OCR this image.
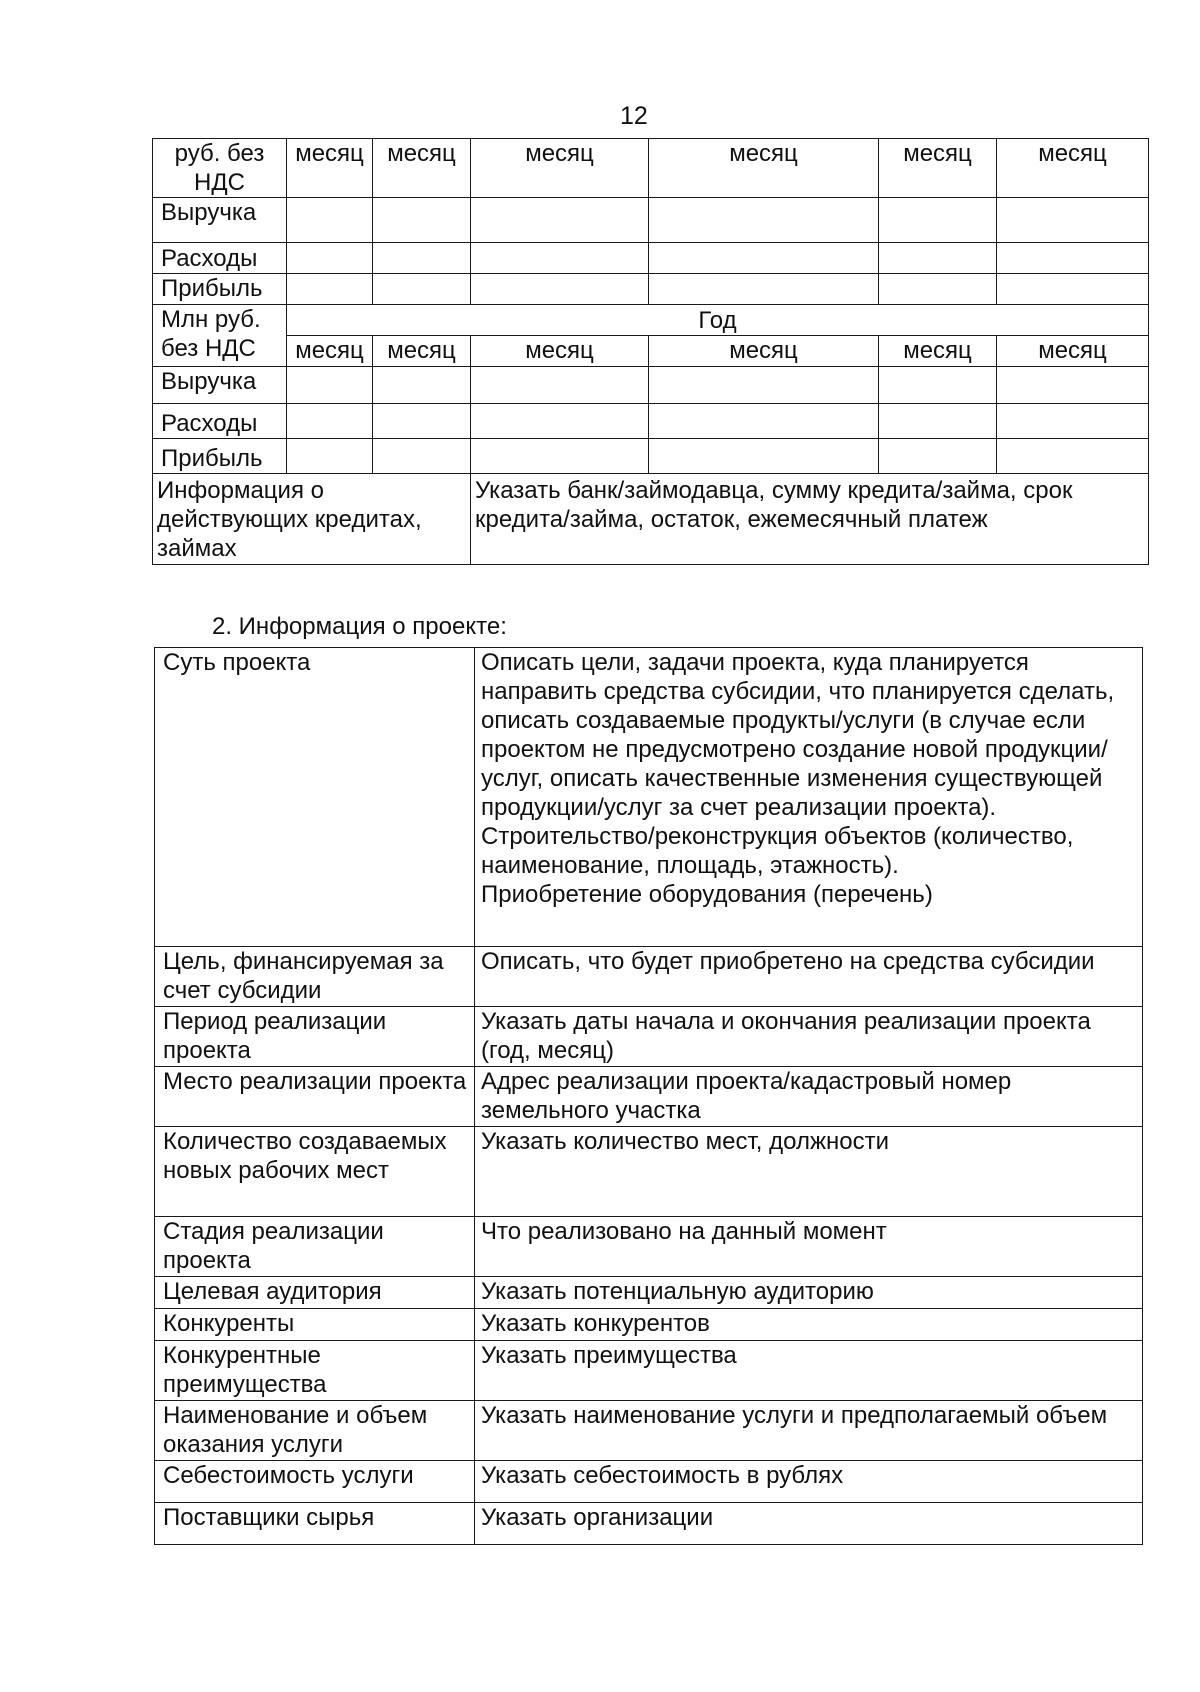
12
руб. без НДС	месяц	месяц	месяц	месяц	месяц	месяц
Выручка						
Расходы						
Прибыль						
Млн руб. без НДС	Год					
	месяц	месяц	месяц	месяц	месяц	месяц
Выручка						
Расходы						
Прибыль						
Информация о действующих кредитах, займах			Указать банк/займодавца, сумму кредита/займа, срок кредита/займа, остаток, ежемесячный платеж			
2. Информация о проекте:
Суть проекта	Описать цели, задачи проекта, куда планируется направить средства субсидии, что планируется сделать, описать создаваемые продукты/услуги (в случае если проектом не предусмотрено создание новой продукции/услуг, описать качественные изменения существующей продукции/услуг за счет реализации проекта).
Строительство/реконструкция объектов (количество, наименование, площадь, этажность).
Приобретение оборудования (перечень)

Цель, финансируемая за счет субсидии	Описать, что будет приобретено на средства субсидии
Период реализации проекта	Указать даты начала и окончания реализации проекта (год, месяц)
Место реализации проекта	Адрес реализации проекта/кадастровый номер земельного участка
Количество создаваемых новых рабочих мест	Указать количество мест, должности
Стадия реализации проекта	Что реализовано на данный момент
Целевая аудитория	Указать потенциальную аудиторию
Конкуренты	Указать конкурентов
Конкурентные преимущества	Указать преимущества
Наименование и объем оказания услуги	Указать наименование услуги и предполагаемый объем
Себестоимость услуги	Указать себестоимость в рублях
Поставщики сырья	Указать организации
